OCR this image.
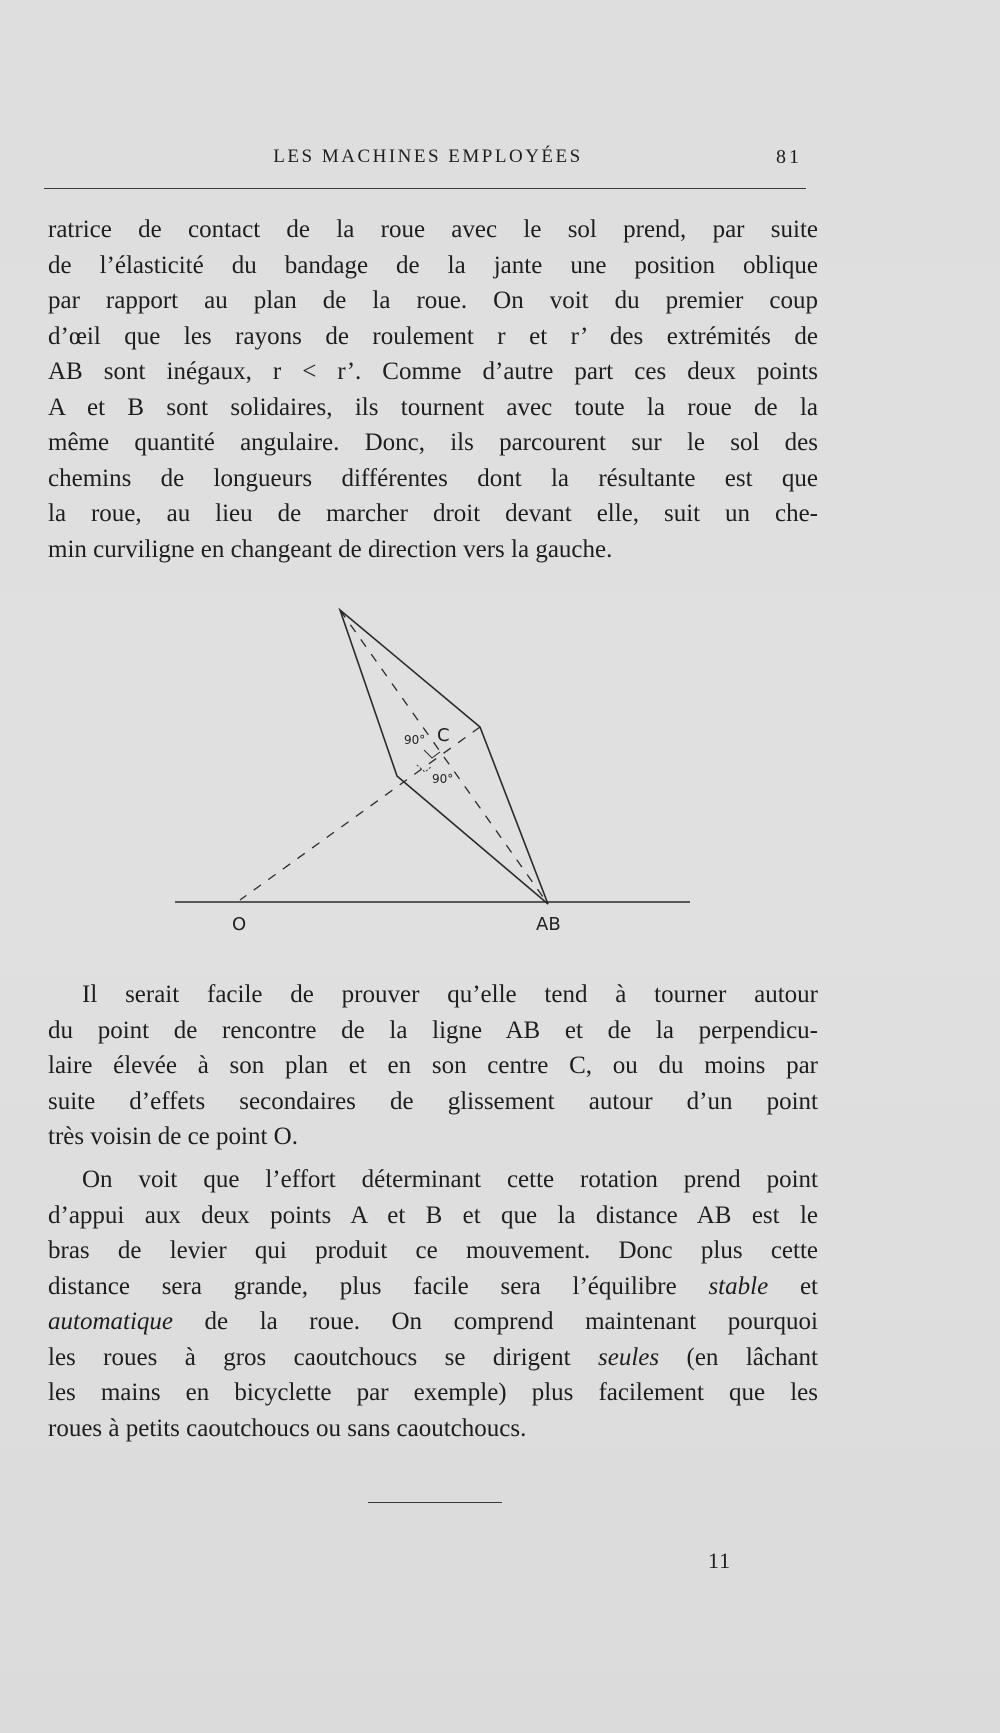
LES MACHINES EMPLOYÉES	81
ratrice de contact de la roue avec le sol prend, par suite
de l’élasticité du bandage de la jante une position oblique
par rapport au plan de la roue. On voit du premier coup
d’œil que les rayons de roulement r et r’ des extrémités de
AB sont inégaux, r < r’. Comme d’autre part ces deux points
A et B sont solidaires, ils tournent avec toute la roue de la
même quantité angulaire. Donc, ils parcourent sur le sol des
chemins de longueurs différentes dont la résultante est que
la roue, au lieu de marcher droit devant elle, suit un che-
min curviligne en changeant de direction vers la gauche.
C
90°
90°
O	AB
Il serait facile de prouver qu’elle tend à tourner autour
du point de rencontre de la ligne AB et de la perpendicu-
laire élevée à son plan et en son centre C, ou du moins par
suite d’effets secondaires de glissement autour d’un point
très voisin de ce point O.
On voit que l’effort déterminant cette rotation prend point
d’appui aux deux points A et B et que la distance AB est le
bras de levier qui produit ce mouvement. Donc plus cette
distance sera grande, plus facile sera l’équilibre stable et
automatique de la roue. On comprend maintenant pourquoi
les roues à gros caoutchoucs se dirigent seules (en lâchant
les mains en bicyclette par exemple) plus facilement que les
roues à petits caoutchoucs ou sans caoutchoucs.
11
